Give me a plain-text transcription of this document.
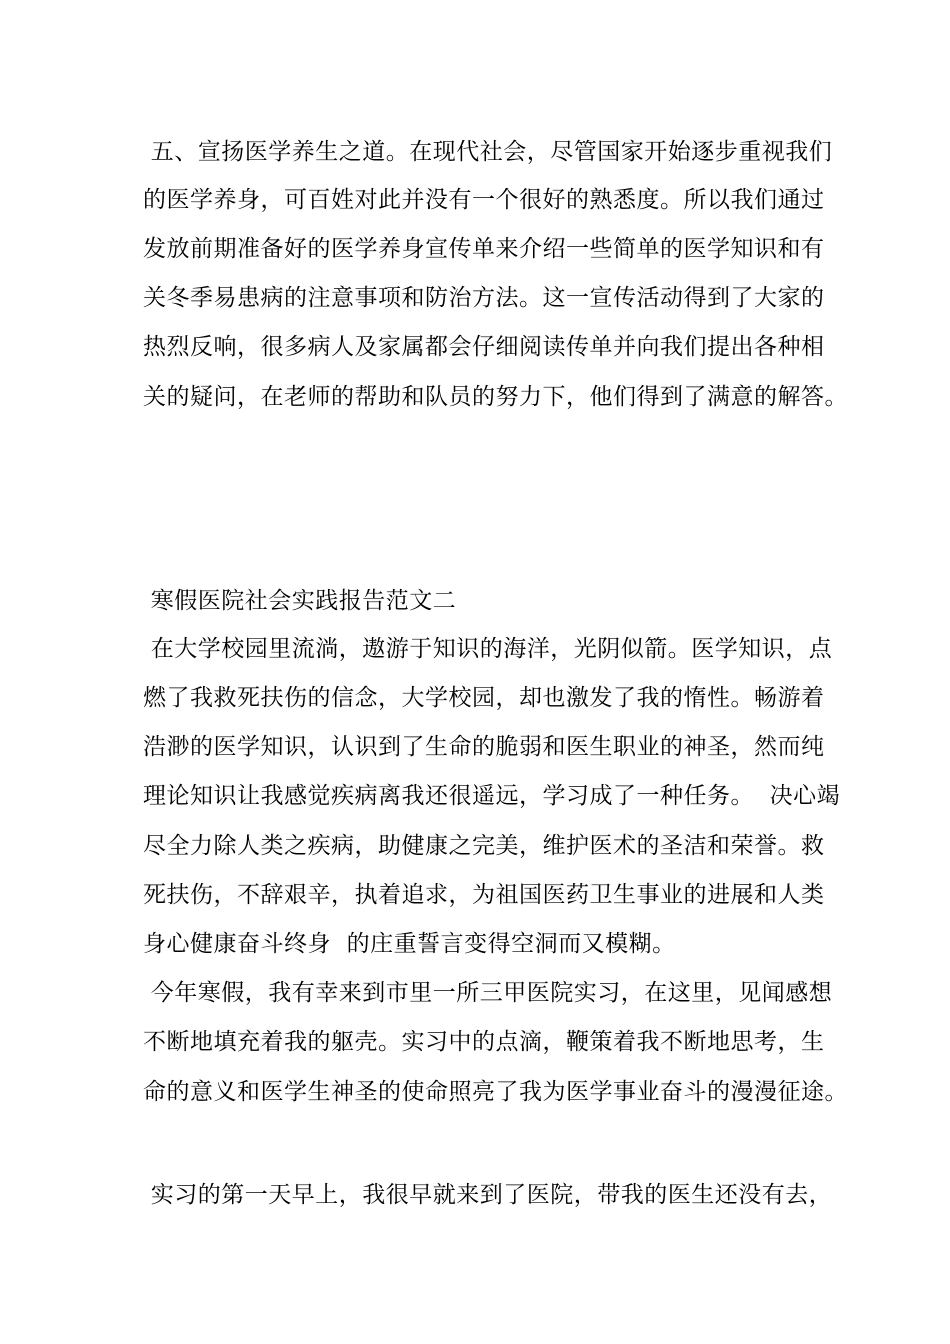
五、宣扬医学养生之道。在现代社会，尽管国家开始逐步重视我们

的医学养身，可百姓对此并没有一个很好的熟悉度。所以我们通过

发放前期准备好的医学养身宣传单来介绍一些简单的医学知识和有

关冬季易患病的注意事项和防治方法。这一宣传活动得到了大家的

热烈反响，很多病人及家属都会仔细阅读传单并向我们提出各种相

关的疑问，在老师的帮助和队员的努力下，他们得到了满意的解答。

寒假医院社会实践报告范文二

在大学校园里流淌，遨游于知识的海洋，光阴似箭。医学知识，点

燃了我救死扶伤的信念，大学校园，却也激发了我的惰性。畅游着

浩渺的医学知识，认识到了生命的脆弱和医生职业的神圣，然而纯

理论知识让我感觉疾病离我还很遥远，学习成了一种任务。  决心竭

尽全力除人类之疾病，助健康之完美，维护医术的圣洁和荣誉。救

死扶伤，不辞艰辛，执着追求，为祖国医药卫生事业的进展和人类

身心健康奋斗终身  的庄重誓言变得空洞而又模糊。

今年寒假，我有幸来到市里一所三甲医院实习，在这里，见闻感想

不断地填充着我的躯壳。实习中的点滴，鞭策着我不断地思考，生

命的意义和医学生神圣的使命照亮了我为医学事业奋斗的漫漫征途。

实习的第一天早上，我很早就来到了医院，带我的医生还没有去，
